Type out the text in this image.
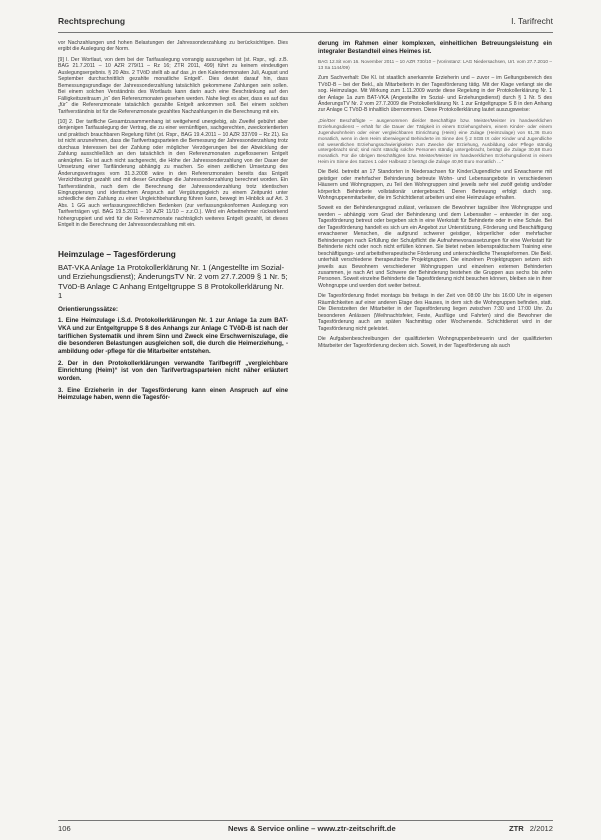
Rechtsprechung	I. Tarifrecht

vor Nachzahlungen und hohen Belastungen der Jahressonderzahlung zu berücksichtigen. Dies ergibt die Auslegung der Norm.

[9] I. Der Wortlaut, von dem bei der Tarifauslegung vorrangig auszugehen ist (st. Rspr., vgl. z.B. BAG 21.7.2011 – 10 AZR 279/11 – Rz 16; ZTR 2011, 499) führt zu keinem eindeutigen Auslegungsergebnis. § 20 Abs. 2 TVöD stellt ab auf das „in den Kalendermonaten Juli, August und September durchschnittlich gezahlte monatliche Entgelt“. Dies deutet darauf hin, dass Bemessungsgrundlage der Jahressonderzahlung tatsächlich gekommene Zahlungen sein sollen. Bei einem solchen Verständnis des Wortlauts kann darin auch eine Beschränkung auf den Fälligkeitszeitraum „in“ den Referenzmonaten gesehen werden. Nahe liegt es aber, dass es auf das „für“ die Referenzmonate tatsächlich gezahlte Entgelt ankommen soll. Bei einem solchen Tarifverständnis ist für die Referenzmonate gezahltes Nachzahlungen in die Berechnung mit ein.

[10] 2. Der tarifliche Gesamtzusammenhang ist weitgehend unergiebig, als Zweifel gebührt aber denjenigen Tarifauslegung der Vertrag, die zu einer vernünftigen, sachgerechten, zweckorientierten und praktisch brauchbaren Regelung führt (st. Rspr., BAG 19.4.2011 – 10 AZR 337/09 – Rz 21). Es ist nicht anzunehmen, dass die Tarifvertragsparteien die Bemessung der Jahressonderzahlung trotz durchaus Interessen bei der Zahlung oder möglicher Verzögerungen bei der Abwicklung der Zahlung ausschließlich an den tatsächlich in den Referenzmonaten zugeflossenen Entgelt anknüpfen. Es ist auch nicht sachgerecht, die Höhe der Jahressonderzahlung von der Dauer der Umsetzung einer Tarifänderung abhängig zu machen. So einen zeitlichen Umsetzung des Änderungsvertrages vom 31.3.2008 wäre in den Referenzmonaten bereits das Entgelt Verzichtbezirgt gezahlt und mit dieser Grundlage die Jahressonderzahlung berechnet worden. Ein Tarifverständnis, nach dem die Berechnung der Jahressonderzahlung trotz identischen Eingruppierung und identischem Anspruch auf Vergütungsgleich zu einem Zeitpunkt unter schiedliche dem Zahlung zu einer Ungleichbehandlung führen kann, bewegt im Hinblick auf Art. 3 Abs. 1 GG auch verfassungsrechtlichen Bedenken (zur verfassungskonformen Auslegung von Tarifverträgen vgl. BAG 19.5.2011 – 10 AZR 11/10 – z.z.O.). Wird ein Arbeitnehmer rückwirkend höhergruppiert und wird für die Referenzmonate nachträglich weiteres Entgelt gezahlt, ist dieses Entgelt in die Berechnung der Jahressonderzahlung mit ein.

Heimzulage – Tagesförderung
BAT-VKA Anlage 1a Protokollerklärung Nr. 1 (Angestellte im Sozial- und Erziehungsdienst); ÄnderungsTV Nr. 2 vom 27.7.2009 § 1 Nr. 5; TVöD-B Anlage C Anhang Entgeltgruppe S 8 Protokollerklärung Nr. 1
Orientierungssätze:

1. Eine Heimzulage i.S.d. Protokollerklärungen Nr. 1 zur Anlage 1a zum BAT-VKA und zur Entgeltgruppe S 8 des Anhangs zur Anlage C TVöD-B ist nach der tariflichen Systematik und ihrem Sinn und Zweck eine Erschwerniszulage, die die besonderen Belastungen ausgleichen soll, die durch die Heimerziehung, -ambildung oder -pflege für die Mitarbeiter entstehen.

2. Der in den Protokollerklärungen verwandte Tarifbegriff „vergleichbare Einrichtung (Heim)“ ist von den Tarifvertragsparteien nicht näher erläutert worden.

3. Eine Erzieherin in der Tagesförderung kann einen Anspruch auf eine Heimzulage haben, wenn die Tagesför-

derung im Rahmen einer komplexen, einheitlichen Betreuungsleistung ein integraler Bestandteil eines Heimes ist.

BAG 12.Sit vom 16. November 2011 – 10 AZR 730/10 – (Vorinstanz: LAG Niedersachsen, Urt. vom 27.7.2010 – 13 Sa 1144/09)

Zum Sachverhalt: Die Kl. ist staatlich anerkannte Erzieherin und – zuvor – im Geltungsbereich des TVöD-B – bei der Bekl., als Mitarbeiterin in der Tagesförderung tätig. Mit der Klage verlangt sie die sog. Heimzulage. Mit Wirkung zum 1.11.2009 wurde diese Regelung in der Protokollerklärung Nr. 1 der Anlage 1a zum BAT-VKA (Angestellte im Sozial- und Erziehungsdienst) durch § 1 Nr. 5 des ÄnderungsTV Nr. 2 vom 27.7.2009 die Protokollerklärung Nr. 1 zur Entgeltgruppe S 8 in den Anhang zur Anlage C TVöD-B inhaltlich übernommen. Diese Protokollerklärung lautet auszugsweise:

„Die/Der Beschäftigte – ausgenommen die/der Beschäftigte bzw. Meister/Meister im handwerklichen Erziehungsdienst – erhält für die Dauer der Tätigkeit in einem Erziehungsheim, einem Kinder- oder einem Jugendwohnheim oder einer vergleichbaren Einrichtung (Heim) eine Zulage (Heimzulage) von 61,36 Euro monatlich, wenn in dem Heim überwiegend Behinderte im Sinne des § 2 SGB IX oder Kinder und Jugendliche mit wesentlichen Erziehungsschwierigkeiten zum Zwecke der Erziehung, Ausbildung oder Pflege ständig untergebracht sind; sind nicht ständig solche Personen ständig untergebracht, beträgt die Zulage 30,68 Euro monatlich. Für die übrigen Beschäftigten bzw. Meister/Meister im handwerklichen Erziehungsdienst in einem Heim im Sinne des Satzes 1 oder Halbsatz 2 beträgt die Zulage 40,90 Euro monatlich …“

Die Bekl. betreibt an 17 Standorten in Niedersachsen für Kinder/Jugendliche und Erwachsene mit geistiger oder mehrfacher Behinderung betreute Wohn- und Lebensangebote in verschiedenen Häusern und Wohngruppen, zu Teil den Wohngruppen sind jeweils sehr viel zwölf geistig und/oder körperlich Behinderte vollstationär untergebracht. Deren Betreuung erfolgt durch sog. Wohngruppenmitarbeiter, die im Schichtdienst arbeiten und eine Heimzulage erhalten.

Soweit es der Behinderungsgrad zulässt, verlassen die Bewohner tagsüber ihre Wohngruppe und werden – abhängig vom Grad der Behinderung und dem Lebensalter – entweder in der sog. Tagesförderung betreut oder begeben sich in eine Werkstatt für Behinderte oder in eine Schule. Bei der Tagesförderung handelt es sich um ein Angebot zur Unterstützung, Förderung und Beschäftigung erwachsener Menschen, die aufgrund schwerer geistiger, körperlicher oder mehrfacher Behinderungen nach Erfüllung der Schulpflicht die Aufnahmevoraussetzungen für eine Werkstatt für Behinderte nicht oder noch nicht erfüllen können. Sie bietet neben lebenspraktischem Training eine beschäftigungs- und arbeitstherapeutische Förderung und unterschiedliche Therapieformen. Die Bekl. unterhält verschiedene therapeutische Projektgruppen. Die einzelnen Projektgruppen setzen sich jeweils aus Bewohnern verschiedener Wohngruppen und einzelnen externen Behinderten zusammen, je nach Art und Schwere der Behinderung bestehen die Gruppen aus sechs bis zehn Personen. Soweit einzelne Behinderte die Tagesförderung nicht besuchen können, bleiben sie in ihrer Wohngruppe und werden dort weiter betreut.

Die Tagesförderung findet montags bis freitags in der Zeit von 08:00 Uhr bis 16:00 Uhr in eigenen Räumlichkeiten auf einer anderen Etage des Hauses, in dem sich die Wohngruppen befinden, statt. Die Dienstzeiten der Mitarbeiter in der Tagesförderung liegen zwischen 7:30 und 17:00 Uhr. Zu besonderen Anlässen (Weihnachtsfeier, Feste, Ausflüge und Fahrten) sind die Bewohner die Tagesförderung auch am späten Nachmittag oder Wochenende. Schichtdienst wird in der Tagesförderung nicht geleistet.

Die Aufgabenbeschreibungen der qualifizierten Wohngruppenbetreuerin und der qualifizierten Mitarbeiter der Tagesförderung decken sich. Soweit, in der Tagesförderung als auch

106	News & Service online – www.ztr-zeitschrift.de	ZTR 2/2012
